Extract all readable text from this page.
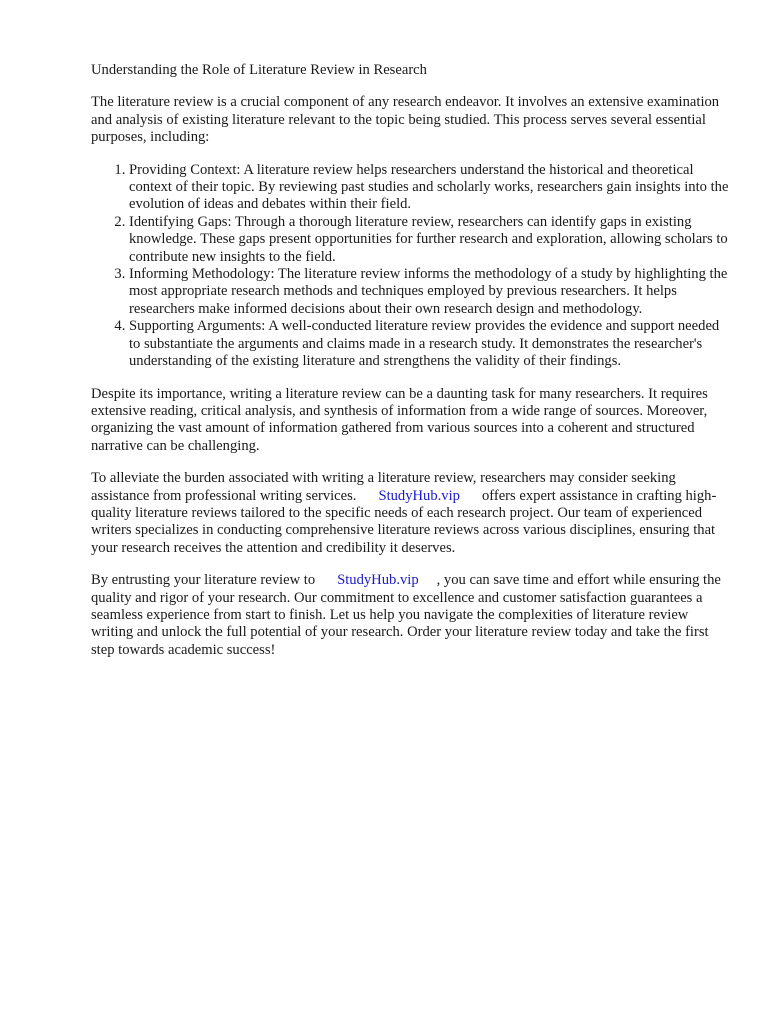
Understanding the Role of Literature Review in Research

The literature review is a crucial component of any research endeavor. It involves an extensive examination and analysis of existing literature relevant to the topic being studied. This process serves several essential purposes, including:

1. Providing Context: A literature review helps researchers understand the historical and theoretical context of their topic. By reviewing past studies and scholarly works, researchers gain insights into the evolution of ideas and debates within their field.
2. Identifying Gaps: Through a thorough literature review, researchers can identify gaps in existing knowledge. These gaps present opportunities for further research and exploration, allowing scholars to contribute new insights to the field.
3. Informing Methodology: The literature review informs the methodology of a study by highlighting the most appropriate research methods and techniques employed by previous researchers. It helps researchers make informed decisions about their own research design and methodology.
4. Supporting Arguments: A well-conducted literature review provides the evidence and support needed to substantiate the arguments and claims made in a research study. It demonstrates the researcher's understanding of the existing literature and strengthens the validity of their findings.

Despite its importance, writing a literature review can be a daunting task for many researchers. It requires extensive reading, critical analysis, and synthesis of information from a wide range of sources. Moreover, organizing the vast amount of information gathered from various sources into a coherent and structured narrative can be challenging.

To alleviate the burden associated with writing a literature review, researchers may consider seeking assistance from professional writing services. StudyHub.vip offers expert assistance in crafting high-quality literature reviews tailored to the specific needs of each research project. Our team of experienced writers specializes in conducting comprehensive literature reviews across various disciplines, ensuring that your research receives the attention and credibility it deserves.

By entrusting your literature review to StudyHub.vip , you can save time and effort while ensuring the quality and rigor of your research. Our commitment to excellence and customer satisfaction guarantees a seamless experience from start to finish. Let us help you navigate the complexities of literature review writing and unlock the full potential of your research. Order your literature review today and take the first step towards academic success!
